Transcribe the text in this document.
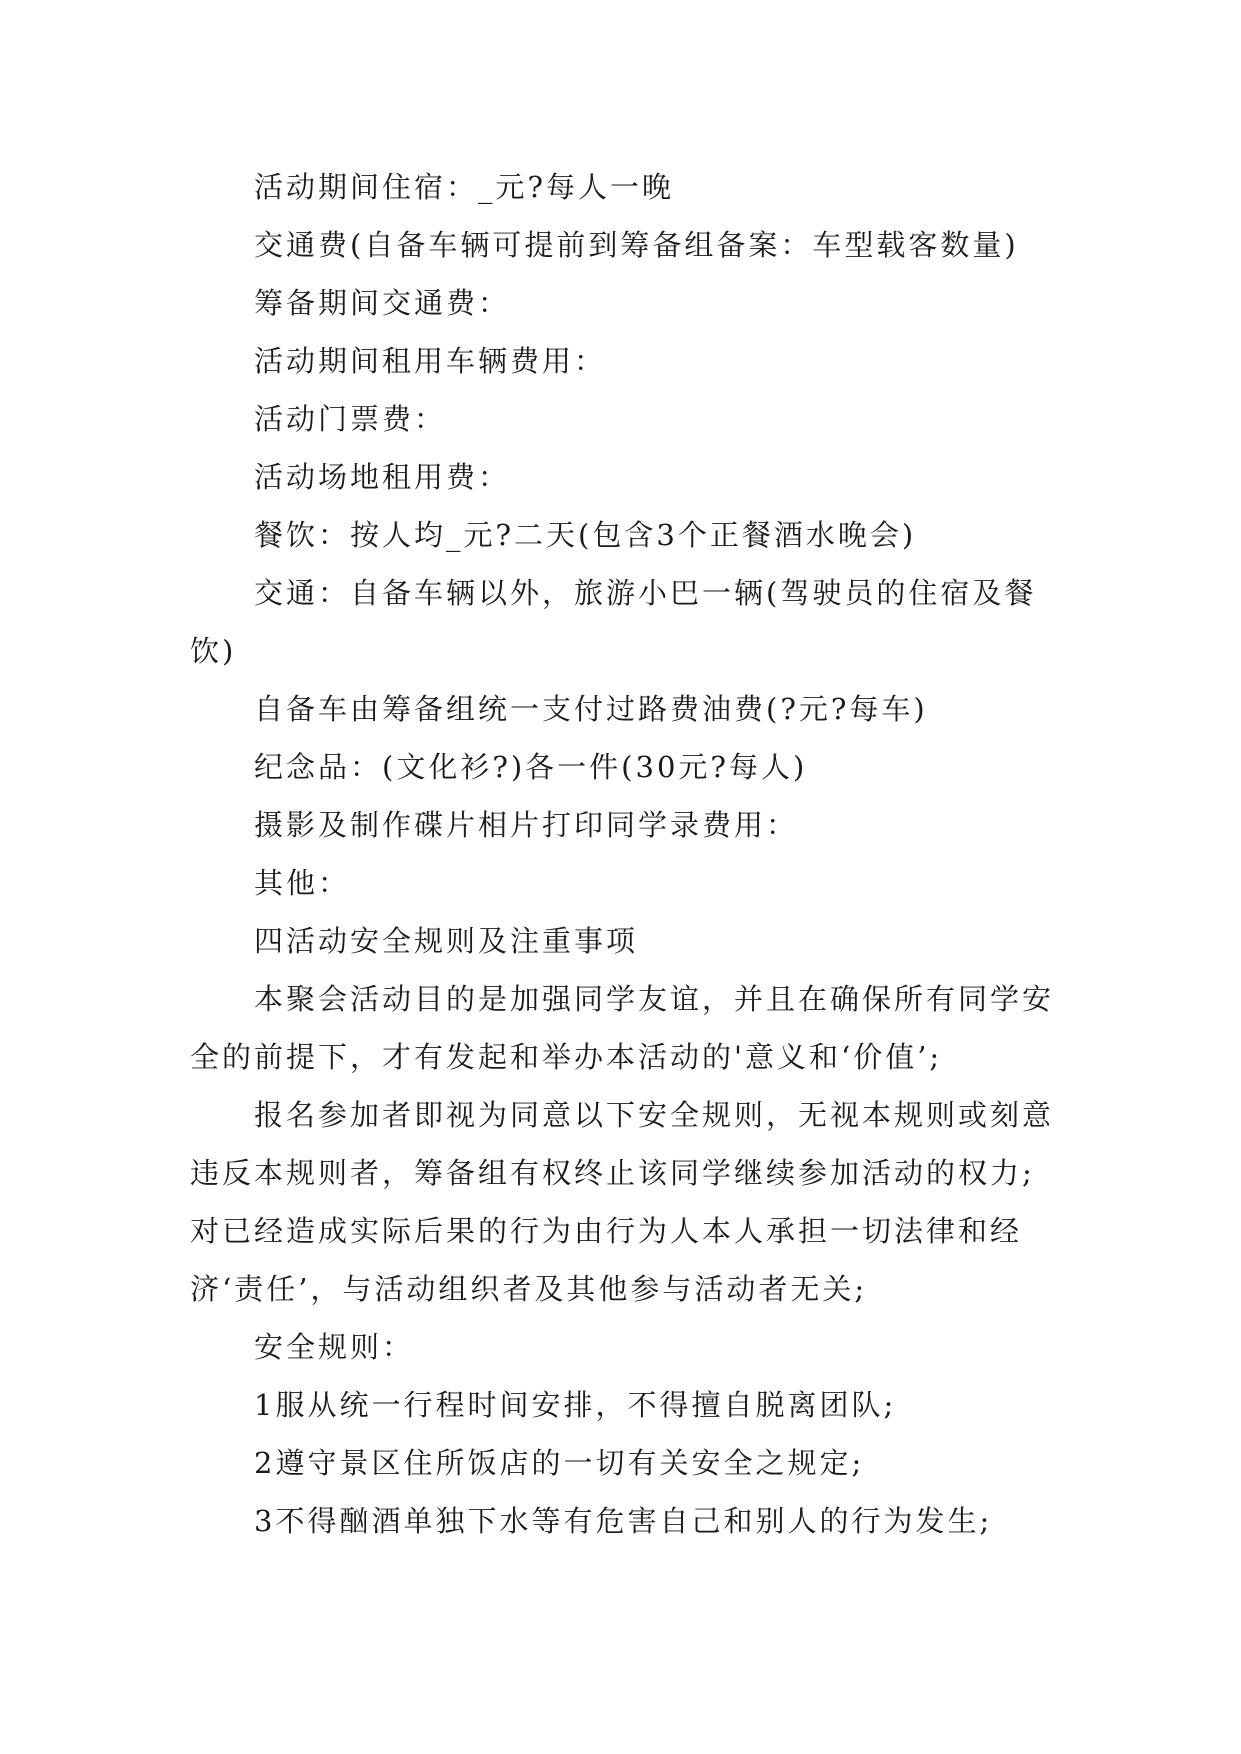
活动期间住宿：_元?每人一晚

交通费(自备车辆可提前到筹备组备案：车型载客数量)

筹备期间交通费：

活动期间租用车辆费用：

活动门票费：

活动场地租用费：

餐饮：按人均_元?二天(包含3个正餐酒水晚会)

交通：自备车辆以外，旅游小巴一辆(驾驶员的住宿及餐饮)

自备车由筹备组统一支付过路费油费(?元?每车)

纪念品：(文化衫?)各一件(30元?每人)

摄影及制作碟片相片打印同学录费用：

其他：

四活动安全规则及注重事项

本聚会活动目的是加强同学友谊，并且在确保所有同学安全的前提下，才有发起和举办本活动的'意义和‘价值’;

报名参加者即视为同意以下安全规则，无视本规则或刻意违反本规则者，筹备组有权终止该同学继续参加活动的权力;对已经造成实际后果的行为由行为人本人承担一切法律和经济‘责任’，与活动组织者及其他参与活动者无关;

安全规则：

1服从统一行程时间安排，不得擅自脱离团队;

2遵守景区住所饭店的一切有关安全之规定;

3不得酗酒单独下水等有危害自己和别人的行为发生;
